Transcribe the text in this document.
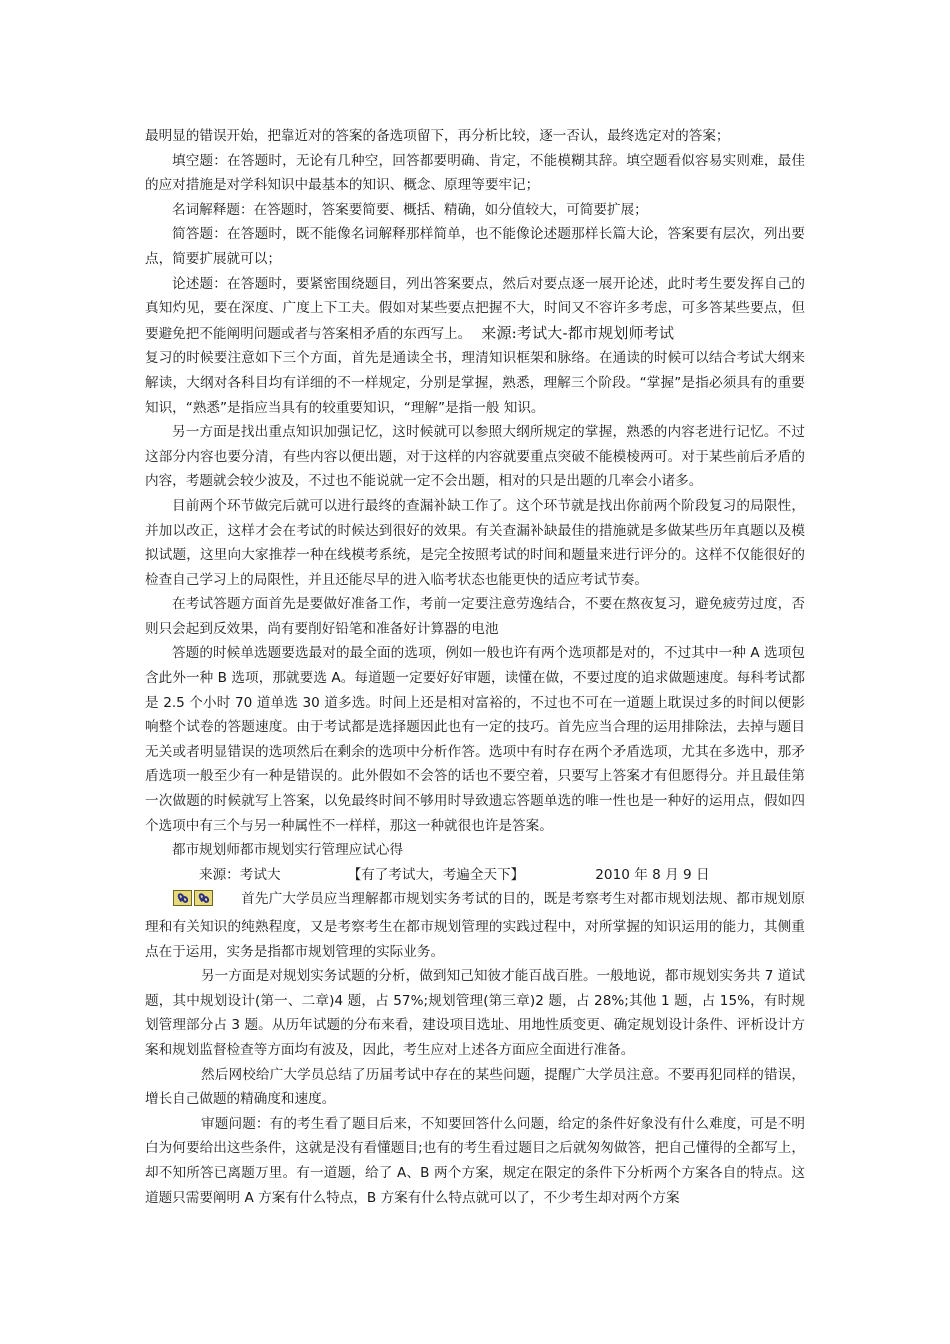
最明显的错误开始，把靠近对的答案的备选项留下，再分析比较，逐一否认，最终选定对的答案；

填空题：在答题时，无论有几种空，回答都要明确、肯定，不能模糊其辞。填空题看似容易实则难，最佳的应对措施是对学科知识中最基本的知识、概念、原理等要牢记；

名词解释题：在答题时，答案要简要、概括、精确，如分值较大，可简要扩展；

简答题：在答题时，既不能像名词解释那样简单，也不能像论述题那样长篇大论，答案要有层次，列出要点，简要扩展就可以；

论述题：在答题时，要紧密围绕题目，列出答案要点，然后对要点逐一展开论述，此时考生要发挥自己的真知灼见，要在深度、广度上下工夫。假如对某些要点把握不大，时间又不容许多考虑，可多答某些要点，但要避免把不能阐明问题或者与答案相矛盾的东西写上。 来源:考试大-都市规划师考试

复习的时候要注意如下三个方面，首先是通读全书，理清知识框架和脉络。在通读的时候可以结合考试大纲来解读，大纲对各科目均有详细的不一样规定，分别是掌握，熟悉，理解三个阶段。“掌握”是指必须具有的重要知识，“熟悉”是指应当具有的较重要知识，“理解”是指一般 知识。

另一方面是找出重点知识加强记忆，这时候就可以参照大纲所规定的掌握，熟悉的内容老进行记忆。不过这部分内容也要分清，有些内容以便出题，对于这样的内容就要重点突破不能模棱两可。对于某些前后矛盾的内容，考题就会较少波及，不过也不能说就一定不会出题，相对的只是出题的几率会小诸多。

目前两个环节做完后就可以进行最终的查漏补缺工作了。这个环节就是找出你前两个阶段复习的局限性，并加以改正，这样才会在考试的时候达到很好的效果。有关查漏补缺最佳的措施就是多做某些历年真题以及模拟试题，这里向大家推荐一种在线模考系统，是完全按照考试的时间和题量来进行评分的。这样不仅能很好的检查自己学习上的局限性，并且还能尽早的进入临考状态也能更快的适应考试节奏。

在考试答题方面首先是要做好准备工作，考前一定要注意劳逸结合，不要在熬夜复习，避免疲劳过度，否则只会起到反效果，尚有要削好铅笔和准备好计算器的电池

答题的时候单选题要选最对的最全面的选项，例如一般也许有两个选项都是对的，不过其中一种 A 选项包含此外一种 B 选项，那就要选 A。每道题一定要好好审题，读懂在做，不要过度的追求做题速度。每科考试都是 2.5 个小时 70 道单选 30 道多选。时间上还是相对富裕的，不过也不可在一道题上耽误过多的时间以便影响整个试卷的答题速度。由于考试都是选择题因此也有一定的技巧。首先应当合理的运用排除法，去掉与题目无关或者明显错误的选项然后在剩余的选项中分析作答。选项中有时存在两个矛盾选项，尤其在多选中，那矛盾选项一般至少有一种是错误的。此外假如不会答的话也不要空着，只要写上答案才有但愿得分。并且最佳第一次做题的时候就写上答案，以免最终时间不够用时导致遗忘答题单选的唯一性也是一种好的运用点，假如四个选项中有三个与另一种属性不一样样，那这一种就很也许是答案。

都市规划师都市规划实行管理应试心得

来源：考试大	【有了考试大，考遍全天下】	2010 年 8 月 9 日

首先广大学员应当理解都市规划实务考试的目的，既是考察考生对都市规划法规、都市规划原理和有关知识的纯熟程度，又是考察考生在都市规划管理的实践过程中，对所掌握的知识运用的能力，其侧重点在于运用，实务是指都市规划管理的实际业务。

另一方面是对规划实务试题的分析，做到知己知彼才能百战百胜。一般地说，都市规划实务共 7 道试题，其中规划设计(第一、二章)4 题，占 57%;规划管理(第三章)2 题，占 28%;其他 1 题，占 15%，有时规划管理部分占 3 题。从历年试题的分布来看，建设项目选址、用地性质变更、确定规划设计条件、评析设计方案和规划监督检查等方面均有波及，因此，考生应对上述各方面应全面进行准备。

然后网校给广大学员总结了历届考试中存在的某些问题，提醒广大学员注意。不要再犯同样的错误，增长自己做题的精确度和速度。

审题问题：有的考生看了题目后来，不知要回答什么问题，给定的条件好象没有什么难度，可是不明白为何要给出这些条件，这就是没有看懂题目;也有的考生看过题目之后就匆匆做答，把自己懂得的全都写上，却不知所答已离题万里。有一道题，给了 A、B 两个方案，规定在限定的条件下分析两个方案各自的特点。这道题只需要阐明 A 方案有什么特点，B 方案有什么特点就可以了，不少考生却对两个方案
